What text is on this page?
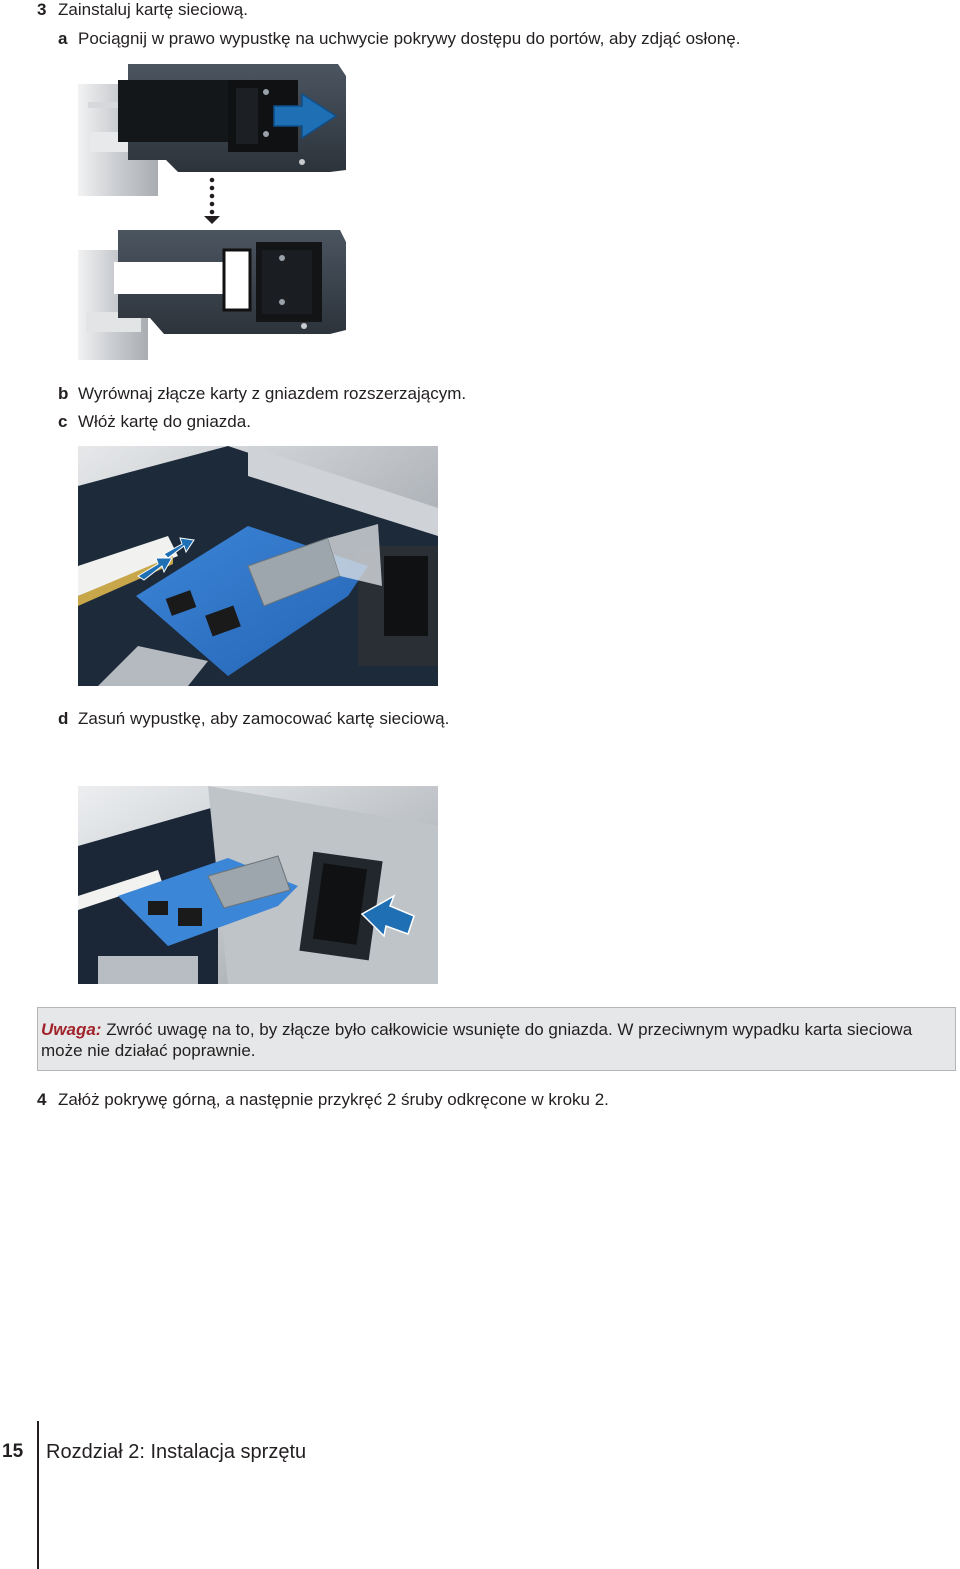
3 Zainstaluj kartę sieciową.
a Pociągnij w prawo wypustkę na uchwycie pokrywy dostępu do portów, aby zdjąć osłonę.
b Wyrównaj złącze karty z gniazdem rozszerzającym.
c Włóż kartę do gniazda.
d Zasuń wypustkę, aby zamocować kartę sieciową.
Uwaga: Zwróć uwagę na to, by złącze było całkowicie wsunięte do gniazda. W przeciwnym wypadku karta sieciowa może nie działać poprawnie.
4 Załóż pokrywę górną, a następnie przykręć 2 śruby odkręcone w kroku 2.
15 Rozdział 2: Instalacja sprzętu
